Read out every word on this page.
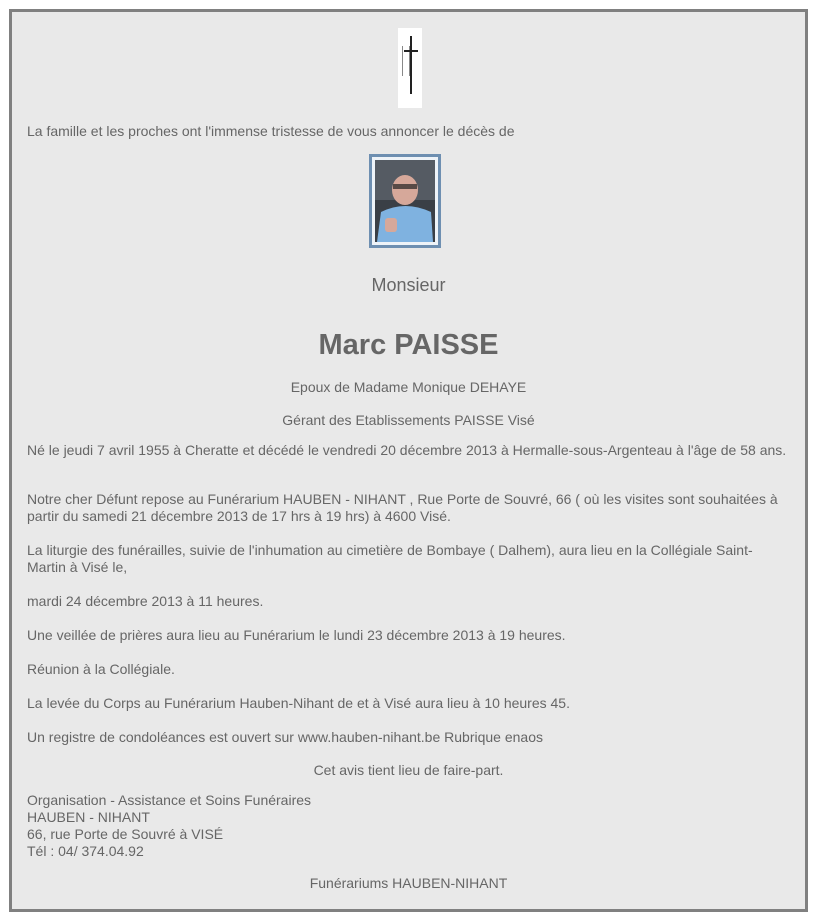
La famille et les proches ont l'immense tristesse de vous annoncer le décès de
Monsieur
Marc PAISSE
Epoux de Madame Monique DEHAYE
Gérant des Etablissements PAISSE Visé
Né le jeudi 7 avril 1955 à Cheratte et décédé le vendredi 20 décembre 2013 à Hermalle-sous-Argenteau à l'âge de 58 ans.
Notre cher Défunt repose au Funérarium HAUBEN - NIHANT , Rue Porte de Souvré, 66 ( où les visites sont souhaitées à partir du samedi 21 décembre 2013 de 17 hrs à 19 hrs) à 4600 Visé.
La liturgie des funérailles, suivie de l'inhumation au cimetière de Bombaye ( Dalhem), aura lieu en la Collégiale Saint-Martin à Visé le,
mardi 24 décembre 2013 à 11 heures.
Une veillée de prières aura lieu au Funérarium le lundi 23 décembre 2013 à 19 heures.
Réunion à la Collégiale.
La levée du Corps au Funérarium Hauben-Nihant de et à Visé aura lieu à 10 heures 45.
Un registre de condoléances est ouvert sur www.hauben-nihant.be Rubrique enaos
Cet avis tient lieu de faire-part.
Organisation - Assistance et Soins Funéraires
HAUBEN - NIHANT
66, rue Porte de Souvré à VISÉ
Tél : 04/ 374.04.92
Funérariums HAUBEN-NIHANT
